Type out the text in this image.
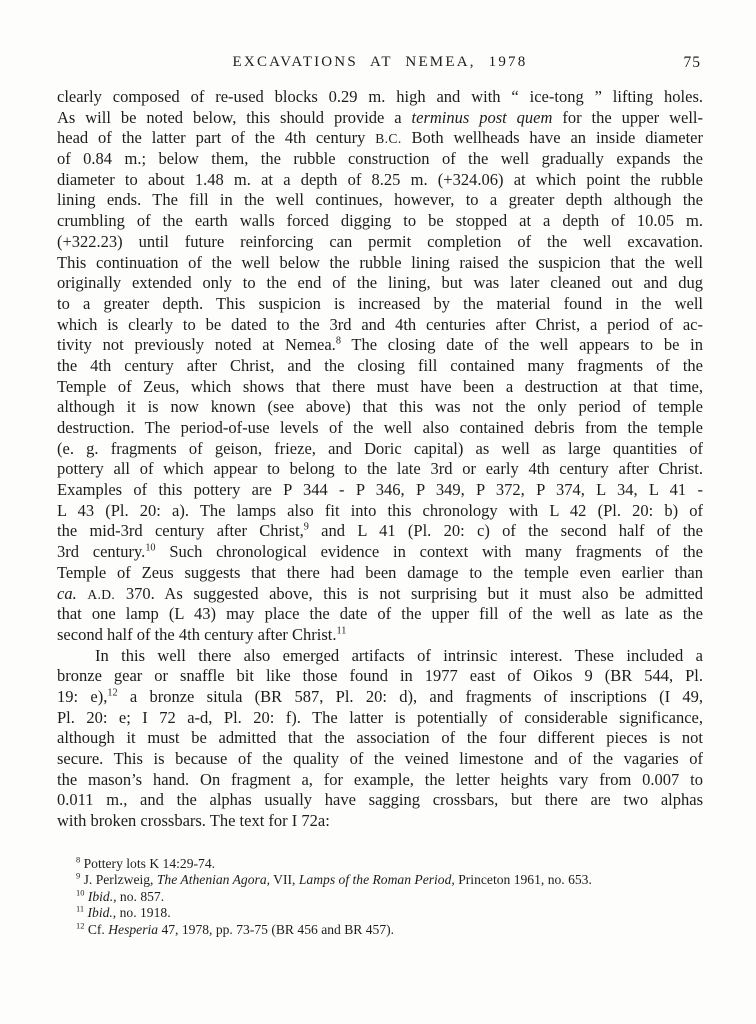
EXCAVATIONS AT NEMEA, 1978	75
clearly composed of re-used blocks 0.29 m. high and with “ ice-tong ” lifting holes.
As will be noted below, this should provide a terminus post quem for the upper well-
head of the latter part of the 4th century B.C. Both wellheads have an inside diameter
of 0.84 m.; below them, the rubble construction of the well gradually expands the
diameter to about 1.48 m. at a depth of 8.25 m. (+324.06) at which point the rubble
lining ends. The fill in the well continues, however, to a greater depth although the
crumbling of the earth walls forced digging to be stopped at a depth of 10.05 m.
(+322.23) until future reinforcing can permit completion of the well excavation.
This continuation of the well below the rubble lining raised the suspicion that the well
originally extended only to the end of the lining, but was later cleaned out and dug
to a greater depth. This suspicion is increased by the material found in the well
which is clearly to be dated to the 3rd and 4th centuries after Christ, a period of ac-
tivity not previously noted at Nemea.$^8$ The closing date of the well appears to be in
the 4th century after Christ, and the closing fill contained many fragments of the
Temple of Zeus, which shows that there must have been a destruction at that time,
although it is now known (see above) that this was not the only period of temple
destruction. The period-of-use levels of the well also contained debris from the temple
(e. g. fragments of geison, frieze, and Doric capital) as well as large quantities of
pottery all of which appear to belong to the late 3rd or early 4th century after Christ.
Examples of this pottery are P 344 - P 346, P 349, P 372, P 374, L 34, L 41 -
L 43 (Pl. 20: a). The lamps also fit into this chronology with L 42 (Pl. 20: b) of
the mid-3rd century after Christ,$^9$ and L 41 (Pl. 20: c) of the second half of the
3rd century.$^{10}$ Such chronological evidence in context with many fragments of the
Temple of Zeus suggests that there had been damage to the temple even earlier than
ca. A.D. 370. As suggested above, this is not surprising but it must also be admitted
that one lamp (L 43) may place the date of the upper fill of the well as late as the
second half of the 4th century after Christ.$^{11}$
In this well there also emerged artifacts of intrinsic interest. These included a
bronze gear or snaffle bit like those found in 1977 east of Oikos 9 (BR 544, Pl.
19: e),$^{12}$ a bronze situla (BR 587, Pl. 20: d), and fragments of inscriptions (I 49,
Pl. 20: e; I 72 a-d, Pl. 20: f). The latter is potentially of considerable significance,
although it must be admitted that the association of the four different pieces is not
secure. This is because of the quality of the veined limestone and of the vagaries of
the mason’s hand. On fragment a, for example, the letter heights vary from 0.007 to
0.011 m., and the alphas usually have sagging crossbars, but there are two alphas
with broken crossbars. The text for I 72a:
$^8$ Pottery lots K 14:29-74.
$^9$ J. Perlzweig, The Athenian Agora, VII, Lamps of the Roman Period, Princeton 1961, no. 653.
$^{10}$ Ibid., no. 857.
$^{11}$ Ibid., no. 1918.
$^{12}$ Cf. Hesperia 47, 1978, pp. 73-75 (BR 456 and BR 457).
